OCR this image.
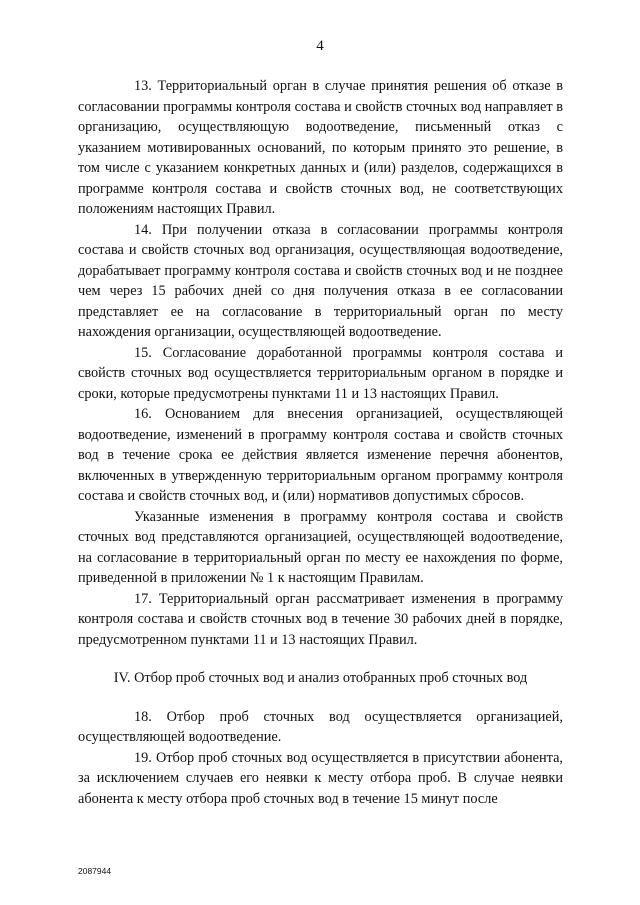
4

13. Территориальный орган в случае принятия решения об отказе в согласовании программы контроля состава и свойств сточных вод направляет в организацию, осуществляющую водоотведение, письменный отказ с указанием мотивированных оснований, по которым принято это решение, в том числе с указанием конкретных данных и (или) разделов, содержащихся в программе контроля состава и свойств сточных вод, не соответствующих положениям настоящих Правил.

14. При получении отказа в согласовании программы контроля состава и свойств сточных вод организация, осуществляющая водоотведение, дорабатывает программу контроля состава и свойств сточных вод и не позднее чем через 15 рабочих дней со дня получения отказа в ее согласовании представляет ее на согласование в территориальный орган по месту нахождения организации, осуществляющей водоотведение.

15. Согласование доработанной программы контроля состава и свойств сточных вод осуществляется территориальным органом в порядке и сроки, которые предусмотрены пунктами 11 и 13 настоящих Правил.

16. Основанием для внесения организацией, осуществляющей водоотведение, изменений в программу контроля состава и свойств сточных вод в течение срока ее действия является изменение перечня абонентов, включенных в утвержденную территориальным органом программу контроля состава и свойств сточных вод, и (или) нормативов допустимых сбросов.

Указанные изменения в программу контроля состава и свойств сточных вод представляются организацией, осуществляющей водоотведение, на согласование в территориальный орган по месту ее нахождения по форме, приведенной в приложении № 1 к настоящим Правилам.

17. Территориальный орган рассматривает изменения в программу контроля состава и свойств сточных вод в течение 30 рабочих дней в порядке, предусмотренном пунктами 11 и 13 настоящих Правил.

IV. Отбор проб сточных вод и анализ отобранных проб сточных вод

18. Отбор проб сточных вод осуществляется организацией, осуществляющей водоотведение.

19. Отбор проб сточных вод осуществляется в присутствии абонента, за исключением случаев его неявки к месту отбора проб. В случае неявки абонента к месту отбора проб сточных вод в течение 15 минут после

2087944
